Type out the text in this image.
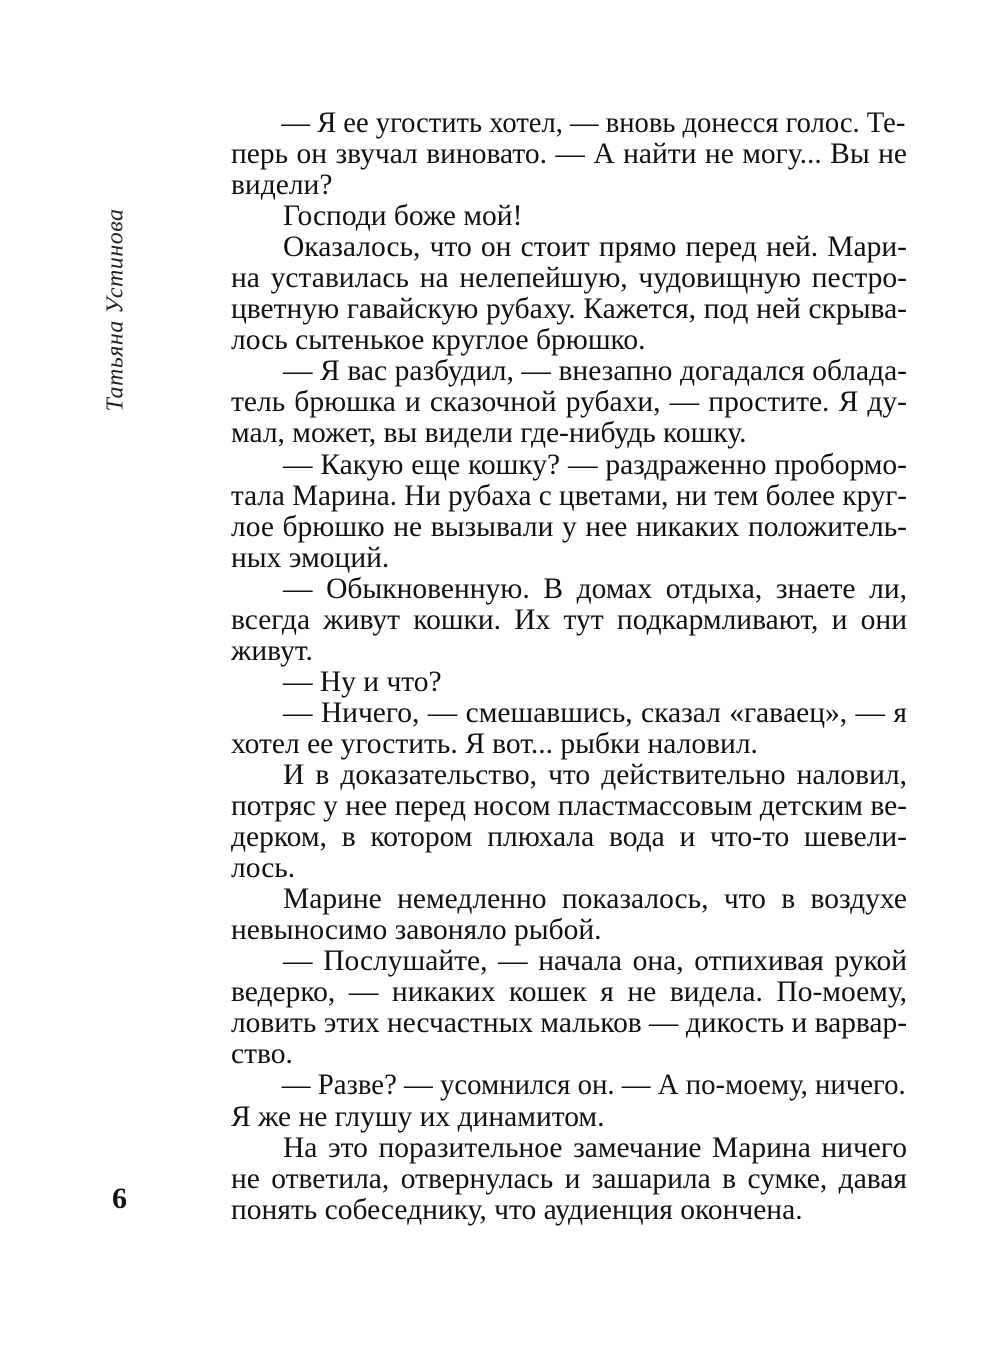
Татьяна Устинова
6
— Я ее угостить хотел, — вновь донесся голос. Те-
перь он звучал виновато. — А найти не могу... Вы не
видели?
Господи боже мой!
Оказалось, что он стоит прямо перед ней. Мари-
на уставилась на нелепейшую, чудовищную пестро-
цветную гавайскую рубаху. Кажется, под ней скрыва-
лось сытенькое круглое брюшко.
— Я вас разбудил, — внезапно догадался облада-
тель брюшка и сказочной рубахи, — простите. Я ду-
мал, может, вы видели где-нибудь кошку.
— Какую еще кошку? — раздраженно пробормо-
тала Марина. Ни рубаха с цветами, ни тем более круг-
лое брюшко не вызывали у нее никаких положитель-
ных эмоций.
— Обыкновенную. В домах отдыха, знаете ли,
всегда живут кошки. Их тут подкармливают, и они
живут.
— Ну и что?
— Ничего, — смешавшись, сказал «гавaец», — я
хотел ее угостить. Я вот... рыбки наловил.
И в доказательство, что действительно наловил,
потряс у нее перед носом пластмассовым детским ве-
дерком, в котором плюхала вода и что-то шевели-
лось.
Марине немедленно показалось, что в воздухе
невыносимо завоняло рыбой.
— Послушайте, — начала она, отпихивая рукой
ведерко, — никаких кошек я не видела. По-моему,
ловить этих несчастных мальков — дикость и варвар-
ство.
— Разве? — усомнился он. — А по-моему, ничего.
Я же не глушу их динамитом.
На это поразительное замечание Марина ничего
не ответила, отвернулась и зашарила в сумке, давая
понять собеседнику, что аудиенция окончена.
